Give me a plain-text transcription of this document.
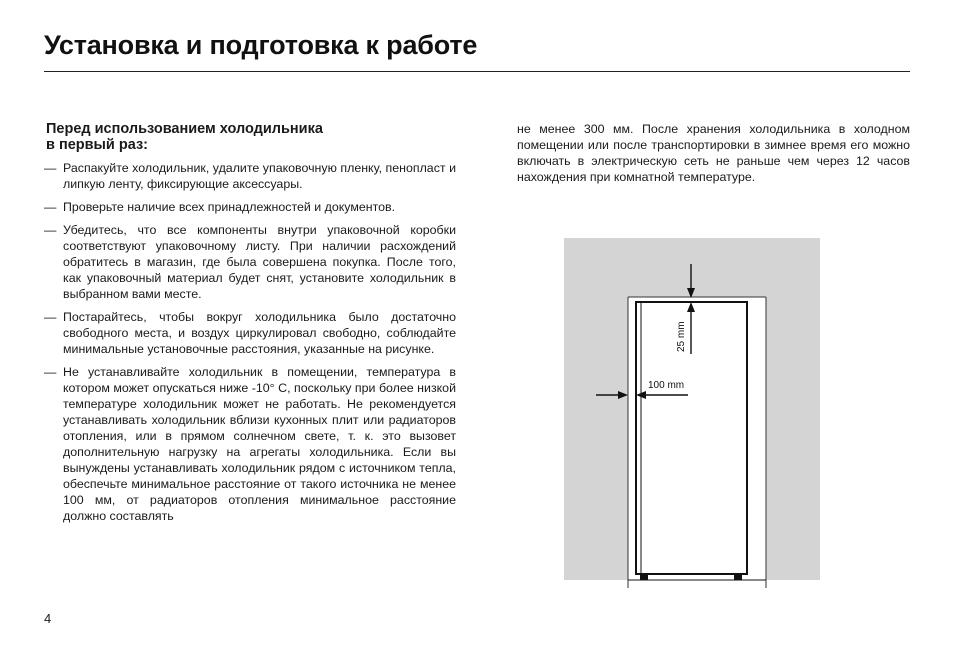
Установка и подготовка к работе
Перед использованием холодильника
в первый раз:
— Распакуйте холодильник, удалите упаковочную пленку, пенопласт и липкую ленту, фиксирующие аксессуары.
— Проверьте наличие всех принадлежностей и документов.
— Убедитесь, что все компоненты внутри упаковочной коробки соответствуют упаковочному листу. При наличии расхождений обратитесь в магазин, где была совершена покупка. После того, как упаковочный материал будет снят, установите холодильник в выбранном вами месте.
— Постарайтесь, чтобы вокруг холодильника было достаточно свободного места, и воздух циркулировал свободно, соблюдайте минимальные установочные расстояния, указанные на рисунке.
— Не устанавливайте холодильник в помещении, температура в котором может опускаться ниже -10° С, поскольку при более низкой температуре холодильник может не работать. Не рекомендуется устанавливать холодильник вблизи кухонных плит или радиаторов отопления, или в прямом солнечном свете, т. к. это вызовет дополнительную нагрузку на агрегаты холодильника. Если вы вынуждены устанавливать холодильник рядом с источником тепла, обеспечьте минимальное расстояние от такого источника не менее 100 мм, от радиаторов отопления минимальное расстояние должно составлять

не менее 300 мм. После хранения холодильника в холодном помещении или после транспортировки в зимнее время его можно включать в электрическую сеть не раньше чем через 12 часов нахождения при комнатной температуре.

25 mm
100 mm
4
